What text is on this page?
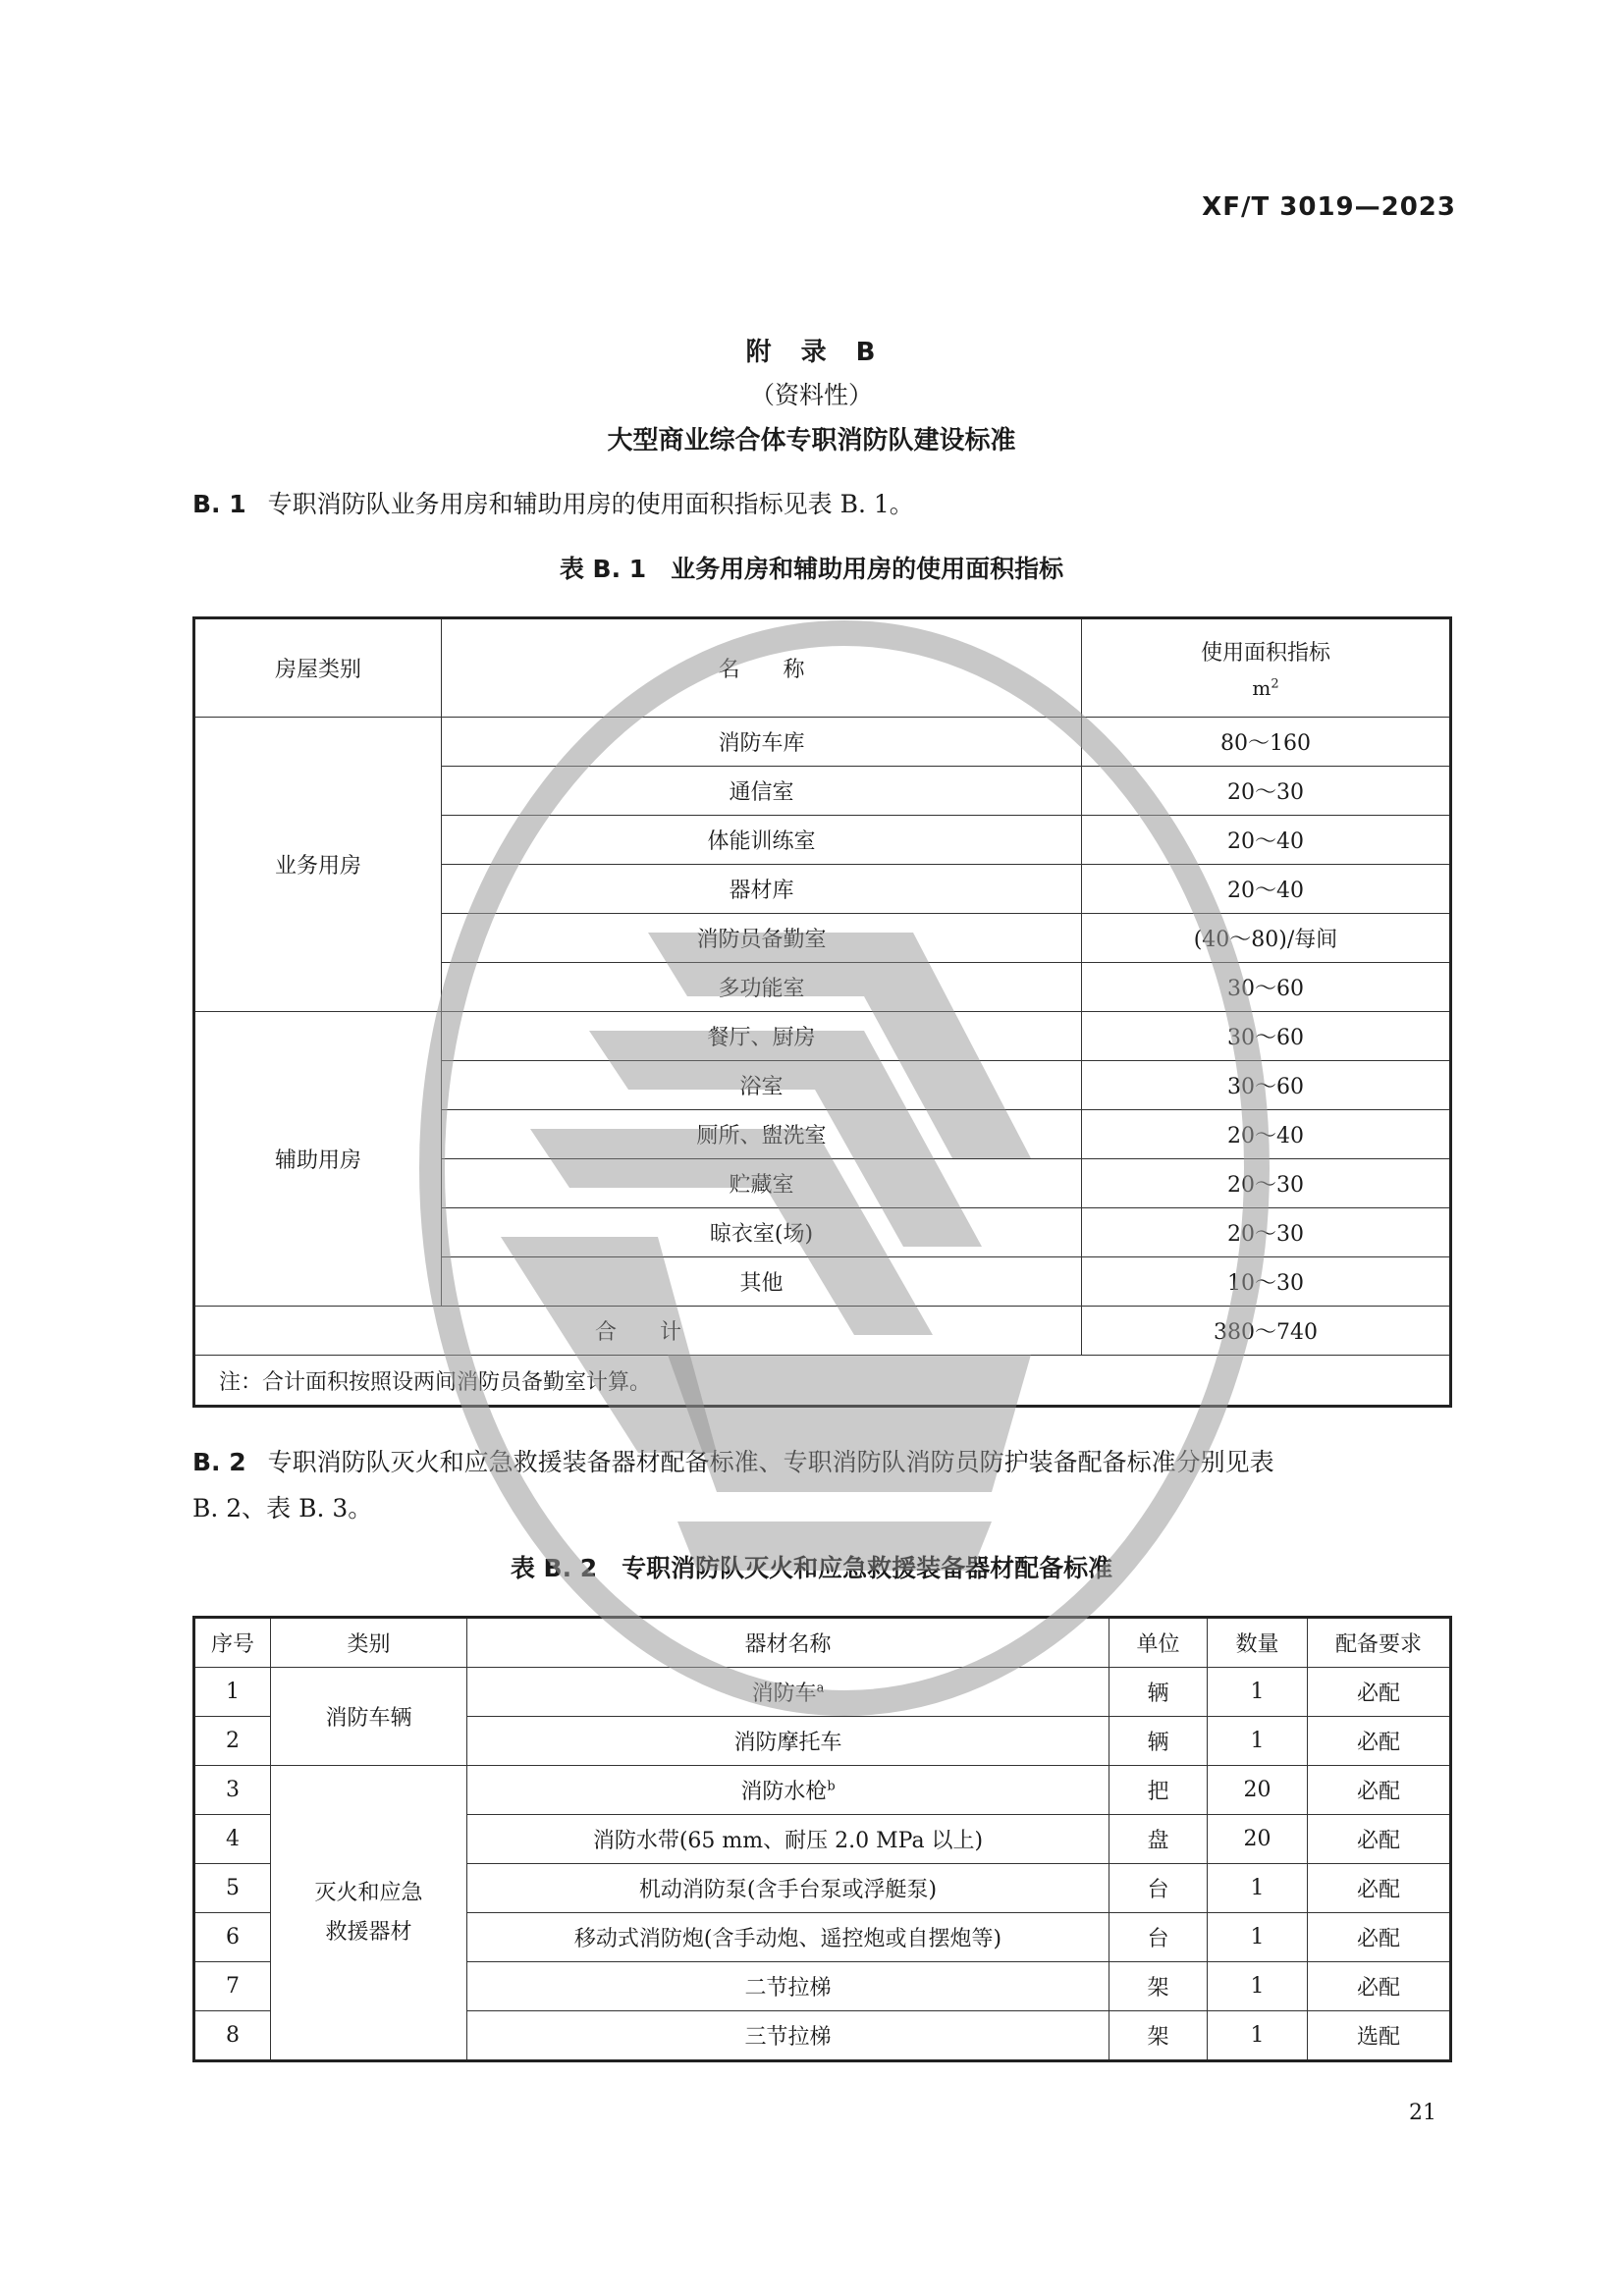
XF/T 3019—2023
附　录　B
（资料性）
大型商业综合体专职消防队建设标准
B. 1 专职消防队业务用房和辅助用房的使用面积指标见表 B. 1。
表 B. 1　业务用房和辅助用房的使用面积指标
房屋类别	名　　称	使用面积指标
$m^2$

业务用房	消防车库	80～160
	通信室	20～30
	体能训练室	20～40
	器材库	20～40
	消防员备勤室	(40～80)/每间
	多功能室	30～60
辅助用房	餐厅、厨房	30～60
	浴室	30～60
	厕所、盥洗室	20～40
	贮藏室	20～30
	晾衣室(场)	20～30
	其他	10～30
合　　计		380～740
注：合计面积按照设两间消防员备勤室计算。		
B. 2 专职消防队灭火和应急救援装备器材配备标准、专职消防队消防员防护装备配备标准分别见表
B. 2、表 B. 3。
表 B. 2　专职消防队灭火和应急救援装备器材配备标准
序号	类别	器材名称	单位	数量	配备要求
1	消防车辆	消防车$^a$	辆	1	必配
2		消防摩托车	辆	1	必配
3	灭火和应急
救援器材	消防水枪$^b$	把	20	必配
4		消防水带(65 mm、耐压 2.0 MPa 以上)	盘	20	必配
5		机动消防泵(含手台泵或浮艇泵)	台	1	必配
6		移动式消防炮(含手动炮、遥控炮或自摆炮等)	台	1	必配
7		二节拉梯	架	1	必配
8		三节拉梯	架	1	选配
21
